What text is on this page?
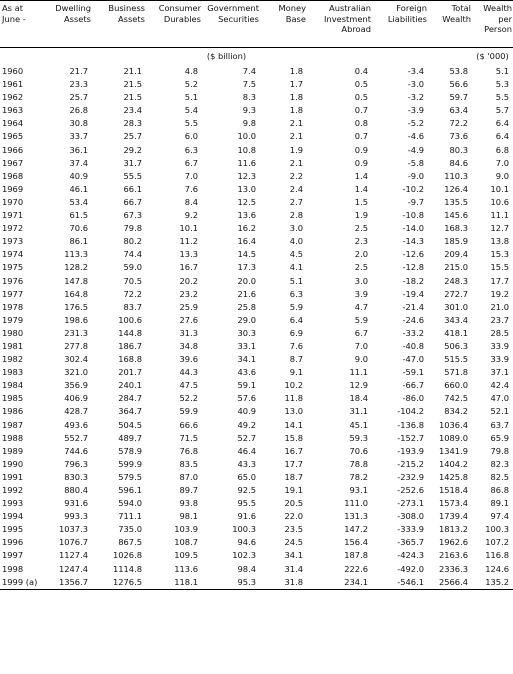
As at June -	Dwelling Assets	Business Assets	Consumer Durables	Government Securities	Money Base	Australian Investment Abroad	Foreign Liabilities	Total Wealth	Wealth per Person
			($ billion)						($ '000)
1960	21.7	21.1	4.8	7.4	1.8	0.4	-3.4	53.8	5.1
1961	23.3	21.5	5.2	7.5	1.7	0.5	-3.0	56.6	5.3
1962	25.7	21.5	5.1	8.3	1.8	0.5	-3.2	59.7	5.5
1963	26.8	23.4	5.4	9.3	1.8	0.7	-3.9	63.4	5.7
1964	30.8	28.3	5.5	9.8	2.1	0.8	-5.2	72.2	6.4
1965	33.7	25.7	6.0	10.0	2.1	0.7	-4.6	73.6	6.4
1966	36.1	29.2	6.3	10.8	1.9	0.9	-4.9	80.3	6.8
1967	37.4	31.7	6.7	11.6	2.1	0.9	-5.8	84.6	7.0
1968	40.9	55.5	7.0	12.3	2.2	1.4	-9.0	110.3	9.0
1969	46.1	66.1	7.6	13.0	2.4	1.4	-10.2	126.4	10.1
1970	53.4	66.7	8.4	12.5	2.7	1.5	-9.7	135.5	10.6
1971	61.5	67.3	9.2	13.6	2.8	1.9	-10.8	145.6	11.1
1972	70.6	79.8	10.1	16.2	3.0	2.5	-14.0	168.3	12.7
1973	86.1	80.2	11.2	16.4	4.0	2.3	-14.3	185.9	13.8
1974	113.3	74.4	13.3	14.5	4.5	2.0	-12.6	209.4	15.3
1975	128.2	59.0	16.7	17.3	4.1	2.5	-12.8	215.0	15.5
1976	147.8	70.5	20.2	20.0	5.1	3.0	-18.2	248.3	17.7
1977	164.8	72.2	23.2	21.6	6.3	3.9	-19.4	272.7	19.2
1978	176.5	83.7	25.9	25.8	5.9	4.7	-21.4	301.0	21.0
1979	198.6	100.6	27.6	29.0	6.4	5.9	-24.6	343.4	23.7
1980	231.3	144.8	31.3	30.3	6.9	6.7	-33.2	418.1	28.5
1981	277.8	186.7	34.8	33.1	7.6	7.0	-40.8	506.3	33.9
1982	302.4	168.8	39.6	34.1	8.7	9.0	-47.0	515.5	33.9
1983	321.0	201.7	44.3	43.6	9.1	11.1	-59.1	571.8	37.1
1984	356.9	240.1	47.5	59.1	10.2	12.9	-66.7	660.0	42.4
1985	406.9	284.7	52.2	57.6	11.8	18.4	-86.0	742.5	47.0
1986	428.7	364.7	59.9	40.9	13.0	31.1	-104.2	834.2	52.1
1987	493.6	504.5	66.6	49.2	14.1	45.1	-136.8	1036.4	63.7
1988	552.7	489.7	71.5	52.7	15.8	59.3	-152.7	1089.0	65.9
1989	744.6	578.9	76.8	46.4	16.7	70.6	-193.9	1341.9	79.8
1990	796.3	599.9	83.5	43.3	17.7	78.8	-215.2	1404.2	82.3
1991	830.3	579.5	87.0	65.0	18.7	78.2	-232.9	1425.8	82.5
1992	880.4	596.1	89.7	92.5	19.1	93.1	-252.6	1518.4	86.8
1993	931.6	594.0	93.8	95.5	20.5	111.0	-273.1	1573.4	89.1
1994	993.3	711.1	98.1	91.6	22.0	131.3	-308.0	1739.4	97.4
1995	1037.3	735.0	103.9	100.3	23.5	147.2	-333.9	1813.2	100.3
1996	1076.7	867.5	108.7	94.6	24.5	156.4	-365.7	1962.6	107.2
1997	1127.4	1026.8	109.5	102.3	34.1	187.8	-424.3	2163.6	116.8
1998	1247.4	1114.8	113.6	98.4	31.4	222.6	-492.0	2336.3	124.6
1999 (a)	1356.7	1276.5	118.1	95.3	31.8	234.1	-546.1	2566.4	135.2
